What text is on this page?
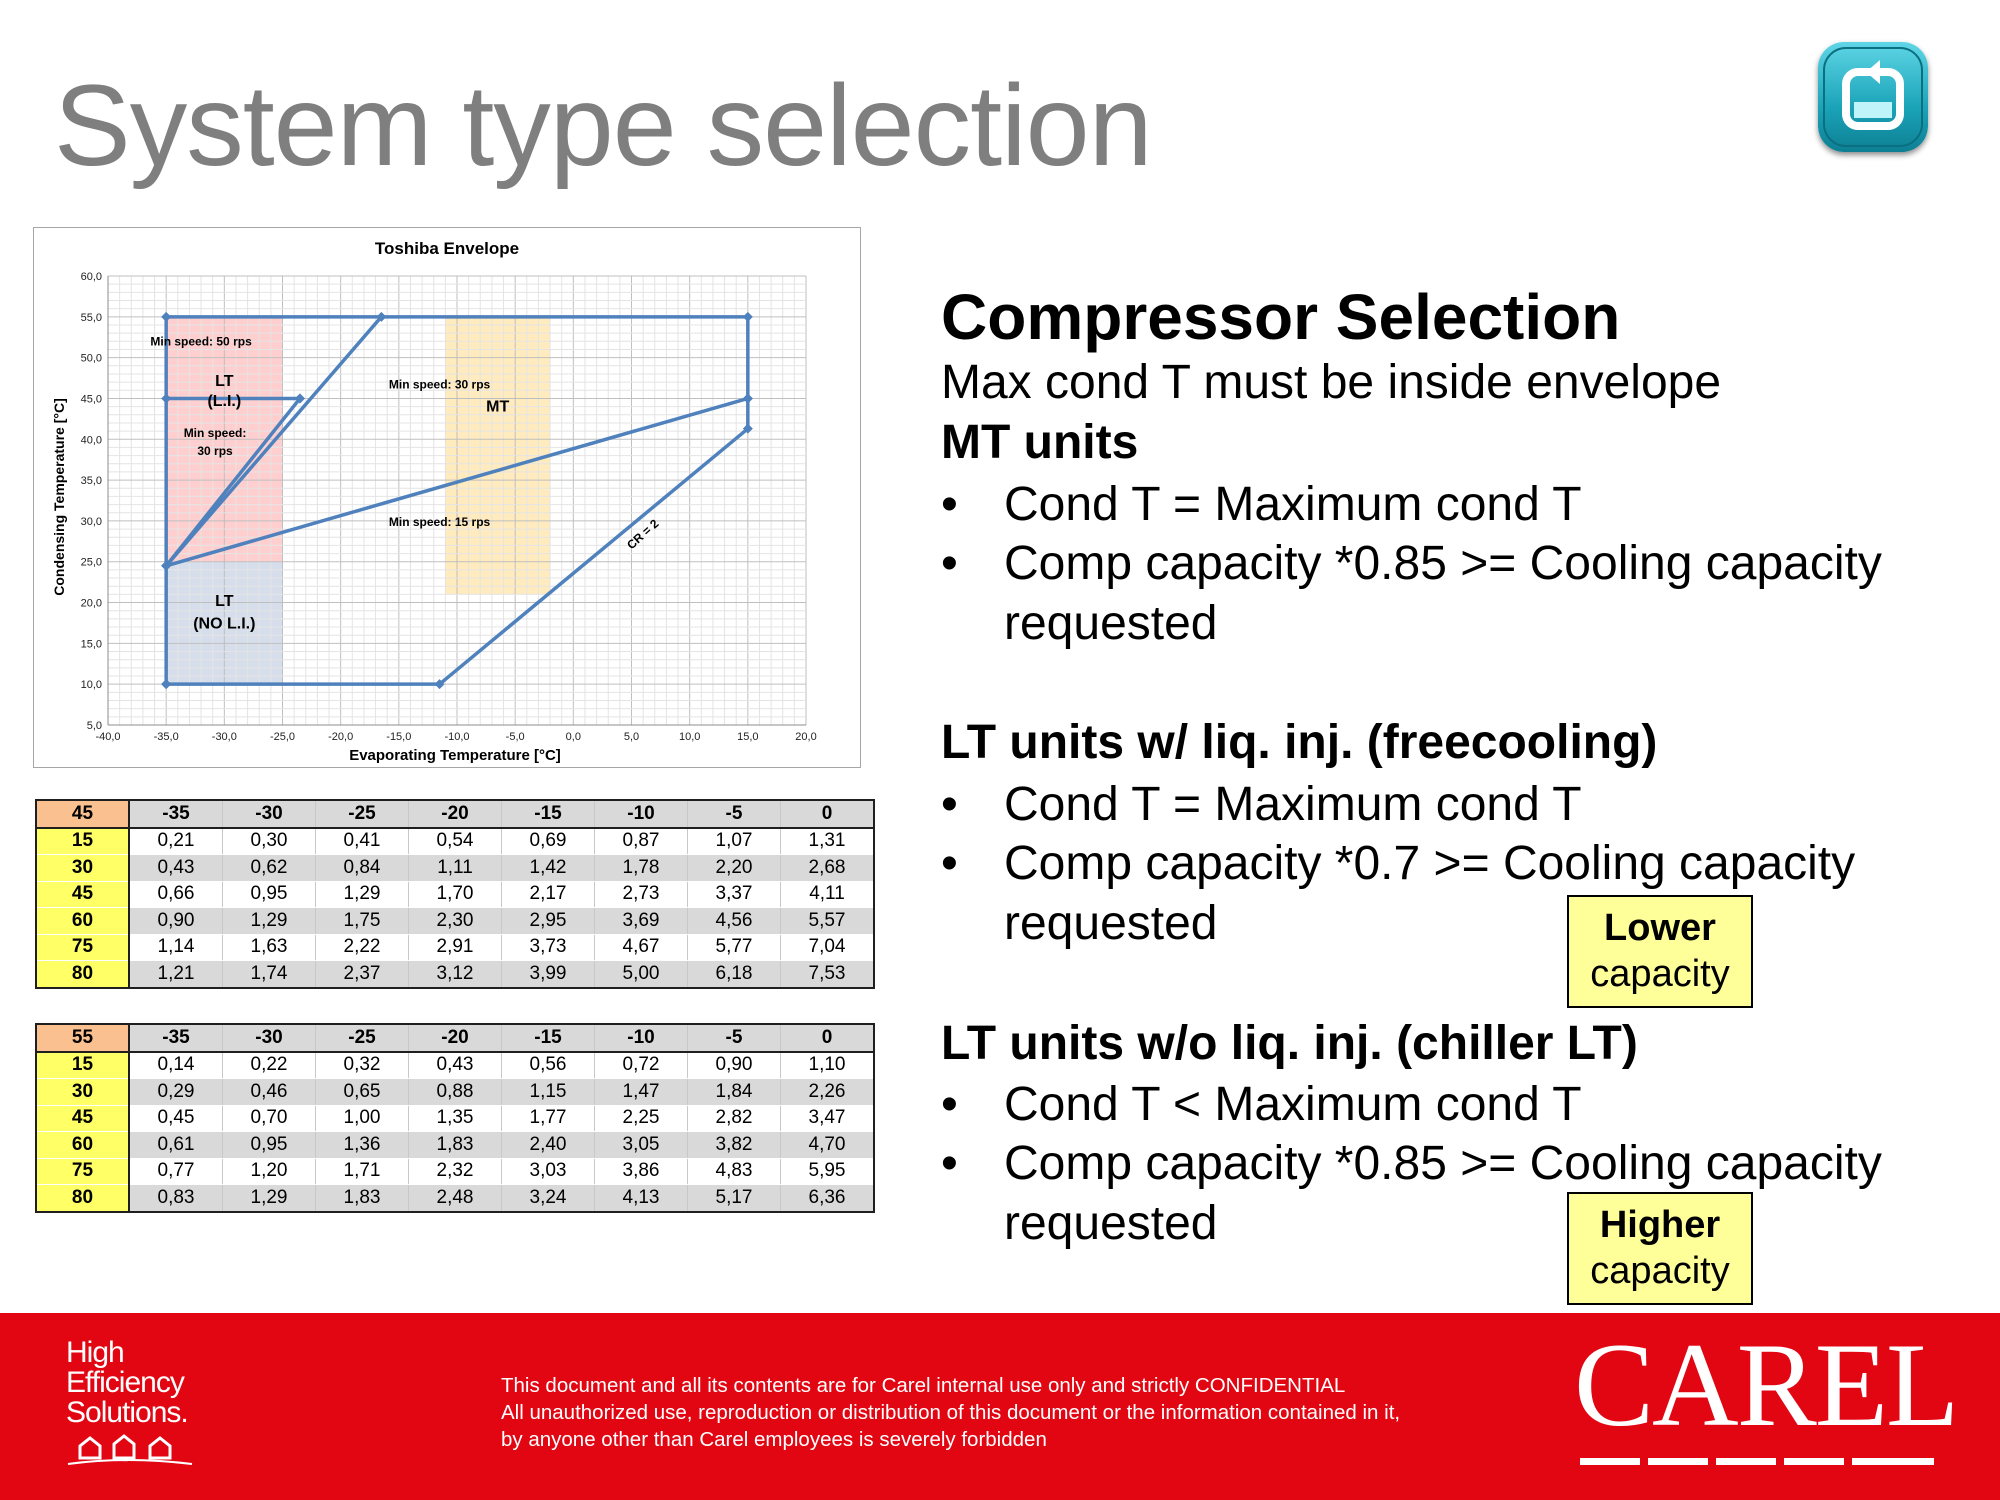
System type selection
-40,0	-35,0	-30,0	-25,0	-20,0	-15,0	-10,0	-5,0	0,0	5,0	10,0	15,0	20,0
5,0
10,0
15,0
20,0
25,0
30,0
35,0
40,0
45,0
50,0
55,0
60,0
Min speed: 50 rps
LT
(L.I.)
Min speed:
30 rps
Min speed: 30 rps
MT
Min speed: 15 rps	CR = 2
LT
(NO L.I.)
Toshiba Envelope
Evaporating Temperature [°C]
Condensing Temperature [°C]
45	-35	-30	-25	-20	-15	-10	-5	0
15	0,21	0,30	0,41	0,54	0,69	0,87	1,07	1,31
30	0,43	0,62	0,84	1,11	1,42	1,78	2,20	2,68
45	0,66	0,95	1,29	1,70	2,17	2,73	3,37	4,11
60	0,90	1,29	1,75	2,30	2,95	3,69	4,56	5,57
75	1,14	1,63	2,22	2,91	3,73	4,67	5,77	7,04
80	1,21	1,74	2,37	3,12	3,99	5,00	6,18	7,53
55	-35	-30	-25	-20	-15	-10	-5	0
15	0,14	0,22	0,32	0,43	0,56	0,72	0,90	1,10
30	0,29	0,46	0,65	0,88	1,15	1,47	1,84	2,26
45	0,45	0,70	1,00	1,35	1,77	2,25	2,82	3,47
60	0,61	0,95	1,36	1,83	2,40	3,05	3,82	4,70
75	0,77	1,20	1,71	2,32	3,03	3,86	4,83	5,95
80	0,83	1,29	1,83	2,48	3,24	4,13	5,17	6,36
Compressor Selection
Max cond T must be inside envelope
MT units
• Cond T = Maximum cond T
• Comp capacity *0.85 >= Cooling capacity
requested
LT units w/ liq. inj. (freecooling)
• Cond T = Maximum cond T
• Comp capacity *0.7 >= Cooling capacity
requested
LT units w/o liq. inj. (chiller LT)
• Cond T < Maximum cond T
• Comp capacity *0.85 >= Cooling capacity
requested
Lower
capacity
Higher
capacity
High
Efficiency
Solutions.
This document and all its contents are for Carel internal use only and strictly CONFIDENTIAL
All unauthorized use, reproduction or distribution of this document or the information contained in it,
by anyone other than Carel employees is severely forbidden	CAREL
